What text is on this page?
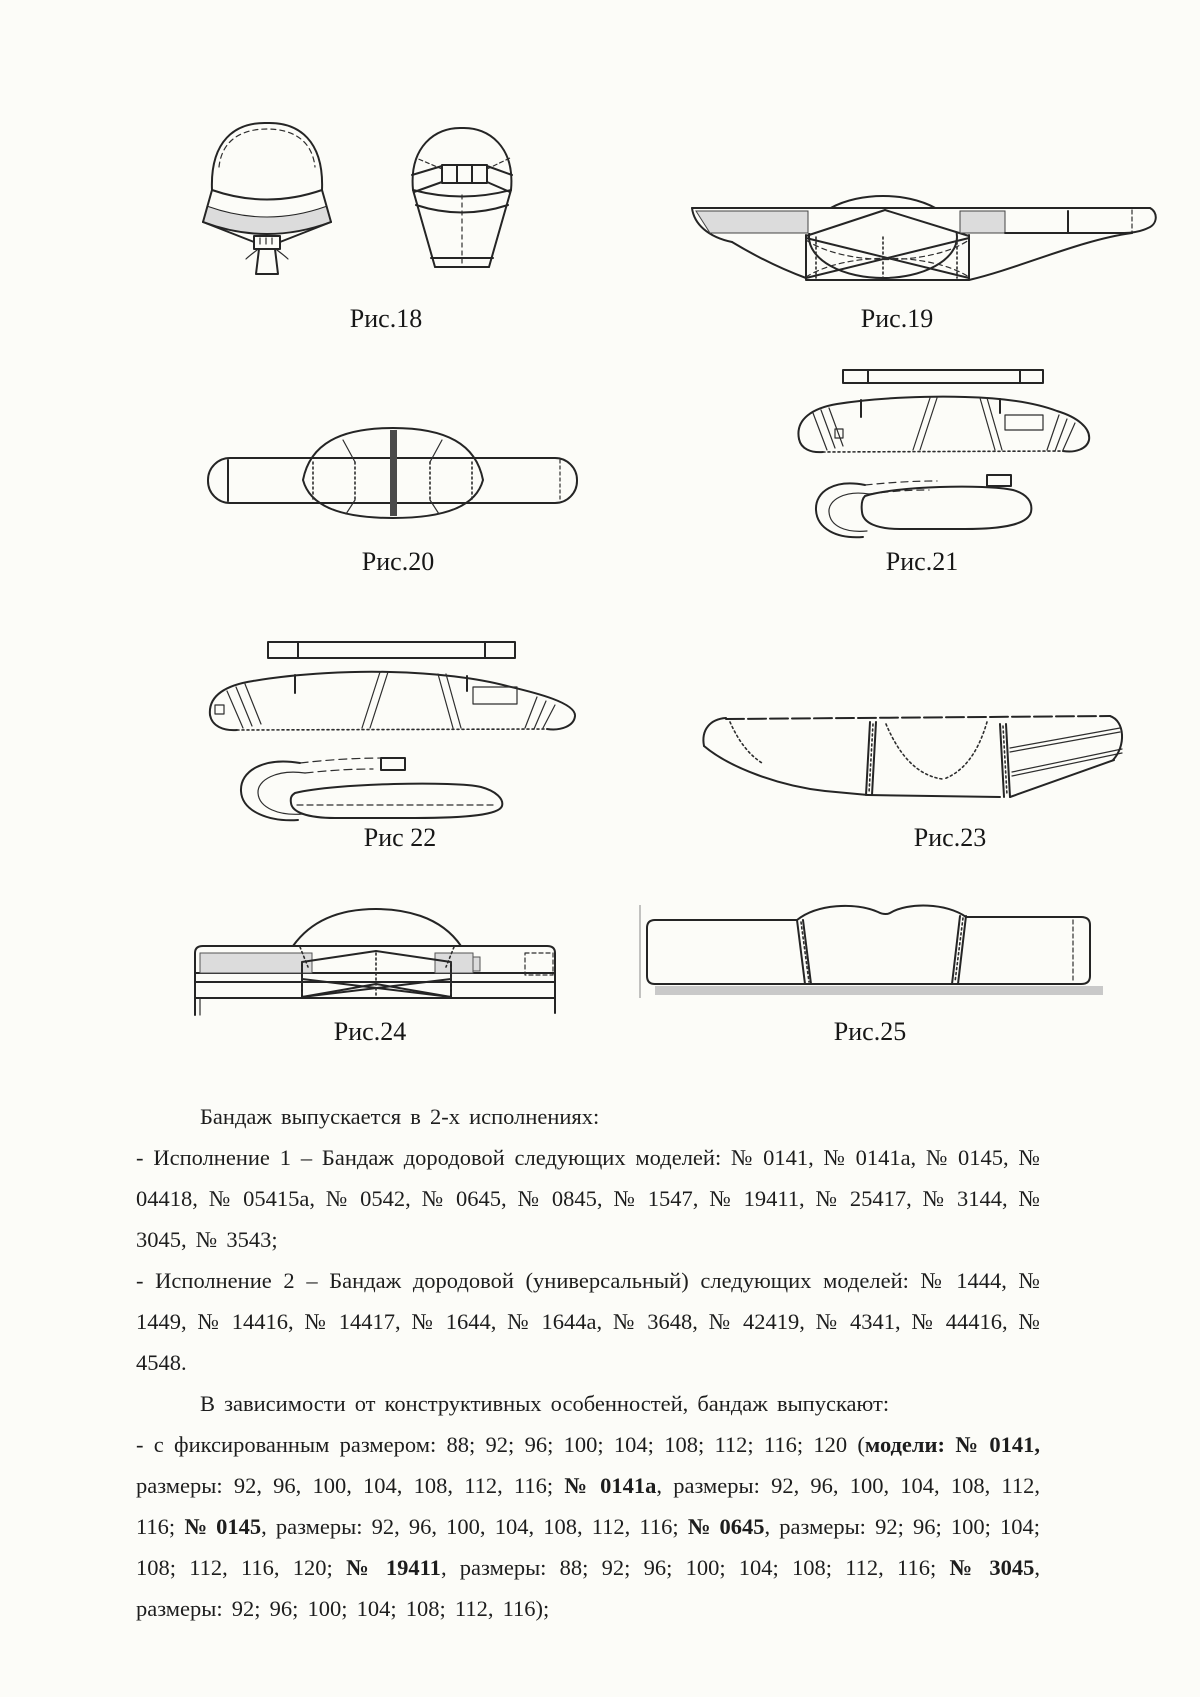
Рис.18	Рис.19
Рис.20	Рис.21
Рис 22	Рис.23
Рис.24	Рис.25

Бандаж выпускается в 2-х исполнениях:

- Исполнение 1 – Бандаж дородовой следующих моделей: № 0141, № 0141а, № 0145, № 04418, № 05415а, № 0542, № 0645, № 0845, № 1547, № 19411, № 25417, № 3144, № 3045, № 3543;

- Исполнение 2 – Бандаж дородовой (универсальный) следующих моделей: № 1444, № 1449, № 14416, № 14417, № 1644, № 1644а, № 3648, № 42419, № 4341, № 44416, № 4548.

В зависимости от конструктивных особенностей, бандаж выпускают:

- с фиксированным размером: 88; 92; 96; 100; 104; 108; 112; 116; 120 (модели: № 0141, размеры: 92, 96, 100, 104, 108, 112, 116; № 0141а, размеры: 92, 96, 100, 104, 108, 112, 116; № 0145, размеры: 92, 96, 100, 104, 108, 112, 116; № 0645, размеры: 92; 96; 100; 104; 108; 112, 116, 120; № 19411, размеры: 88; 92; 96; 100; 104; 108; 112, 116; № 3045, размеры: 92; 96; 100; 104; 108; 112, 116);
